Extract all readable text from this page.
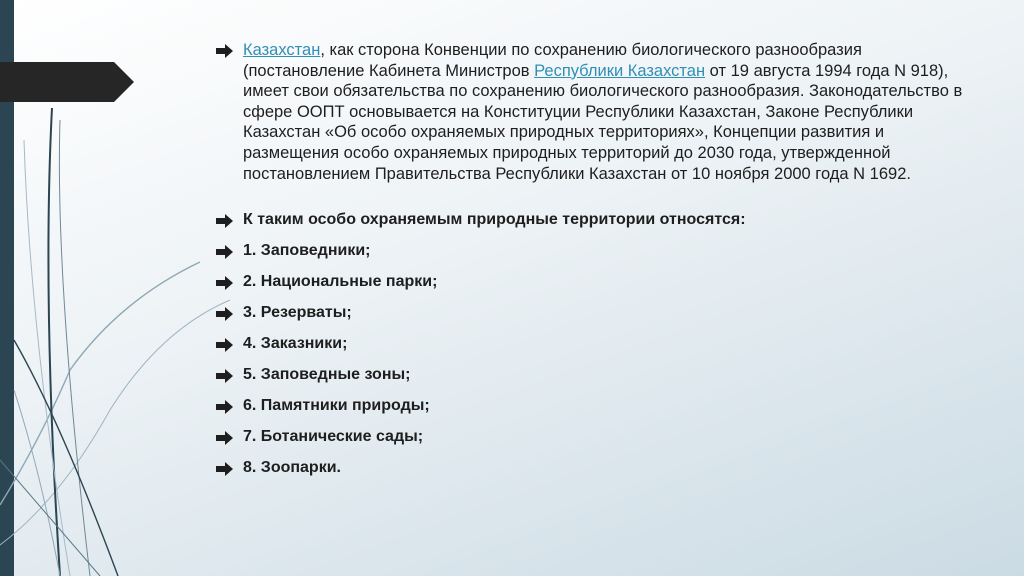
Казахстан, как сторона Конвенции по сохранению биологического разнообразия (постановление Кабинета Министров Республики Казахстан от 19 августа 1994 года N 918), имеет свои обязательства по сохранению биологического разнообразия. Законодательство в сфере ООПТ основывается на Конституции Республики Казахстан, Законе Республики Казахстан «Об особо охраняемых природных территориях», Концепции развития и размещения особо охраняемых природных территорий до 2030 года, утвержденной постановлением Правительства Республики Казахстан от 10 ноября 2000 года N 1692.
К таким особо охраняемым природные территории относятся:
1. Заповедники;
2. Национальные парки;
3. Резерваты;
4. Заказники;
5. Заповедные зоны;
6. Памятники природы;
7. Ботанические сады;
8. Зоопарки.
